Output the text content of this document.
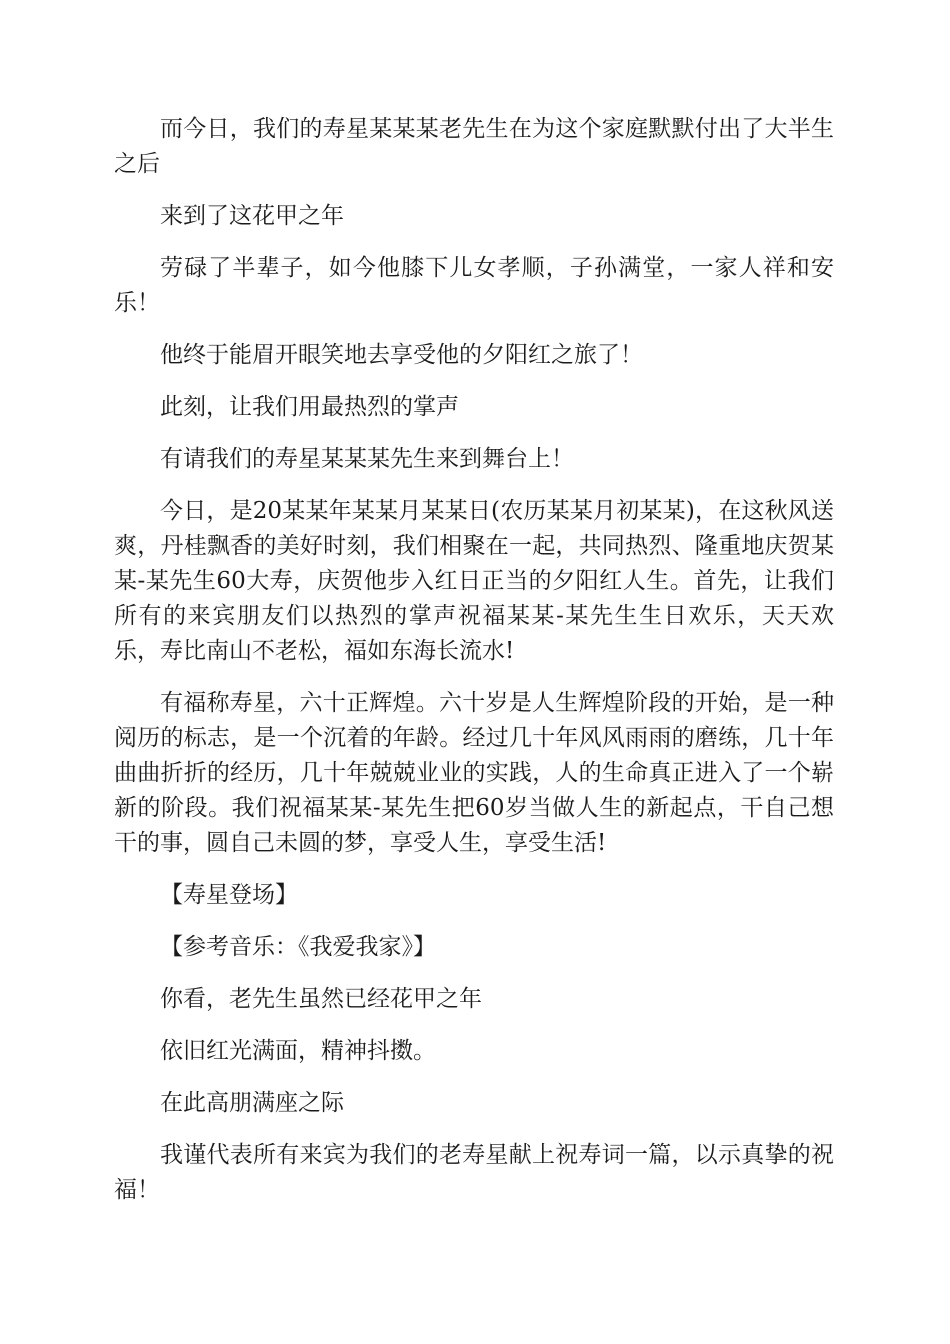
而今日，我们的寿星某某某老先生在为这个家庭默默付出了大半生之后

来到了这花甲之年

劳碌了半辈子，如今他膝下儿女孝顺，子孙满堂，一家人祥和安乐！

他终于能眉开眼笑地去享受他的夕阳红之旅了！

此刻，让我们用最热烈的掌声

有请我们的寿星某某某先生来到舞台上！

今日，是20某某年某某月某某日(农历某某月初某某)，在这秋风送爽，丹桂飘香的美好时刻，我们相聚在一起，共同热烈、隆重地庆贺某某-某先生60大寿，庆贺他步入红日正当的夕阳红人生。首先，让我们所有的来宾朋友们以热烈的掌声祝福某某-某先生生日欢乐，天天欢乐，寿比南山不老松，福如东海长流水!

有福称寿星，六十正辉煌。六十岁是人生辉煌阶段的开始，是一种阅历的标志，是一个沉着的年龄。经过几十年风风雨雨的磨练，几十年曲曲折折的经历，几十年兢兢业业的实践，人的生命真正进入了一个崭新的阶段。我们祝福某某-某先生把60岁当做人生的新起点，干自己想干的事，圆自己未圆的梦，享受人生，享受生活!

【寿星登场】

【参考音乐：《我爱我家》】

你看，老先生虽然已经花甲之年

依旧红光满面，精神抖擞。

在此高朋满座之际

我谨代表所有来宾为我们的老寿星献上祝寿词一篇，以示真挚的祝福！
